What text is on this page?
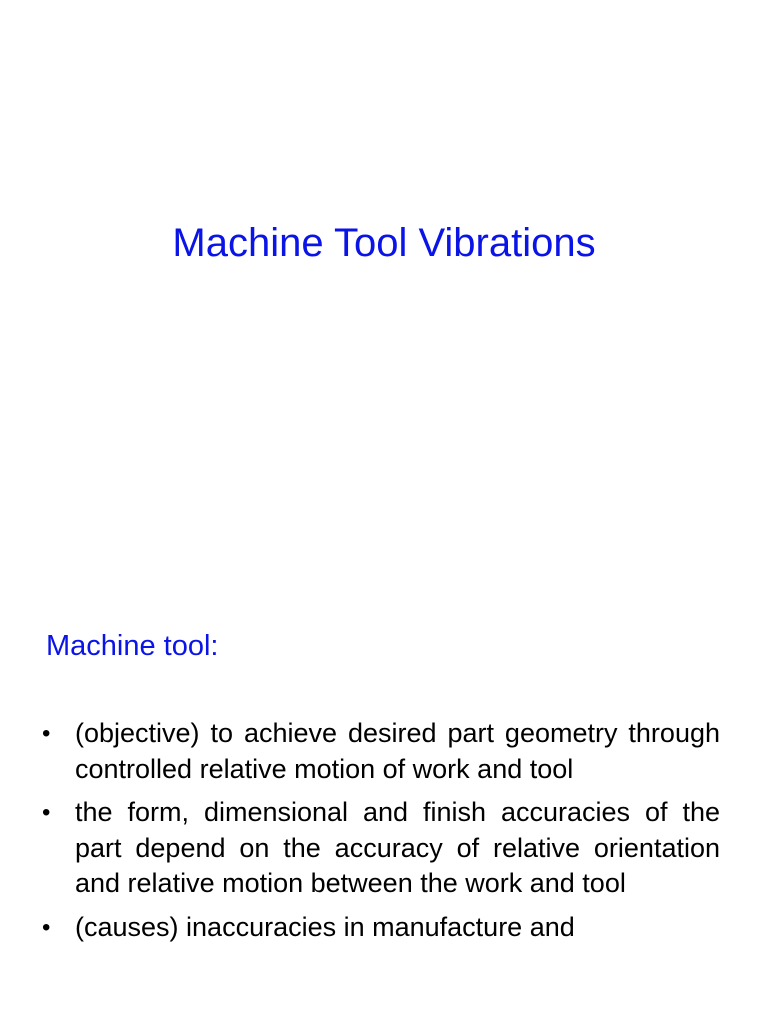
Machine Tool Vibrations
Machine tool:
• (objective) to achieve desired part geometry through controlled relative motion of work and tool
• the form, dimensional and finish accuracies of the part depend on the accuracy of relative orientation and relative motion between the work and tool
• (causes) inaccuracies in manufacture and
